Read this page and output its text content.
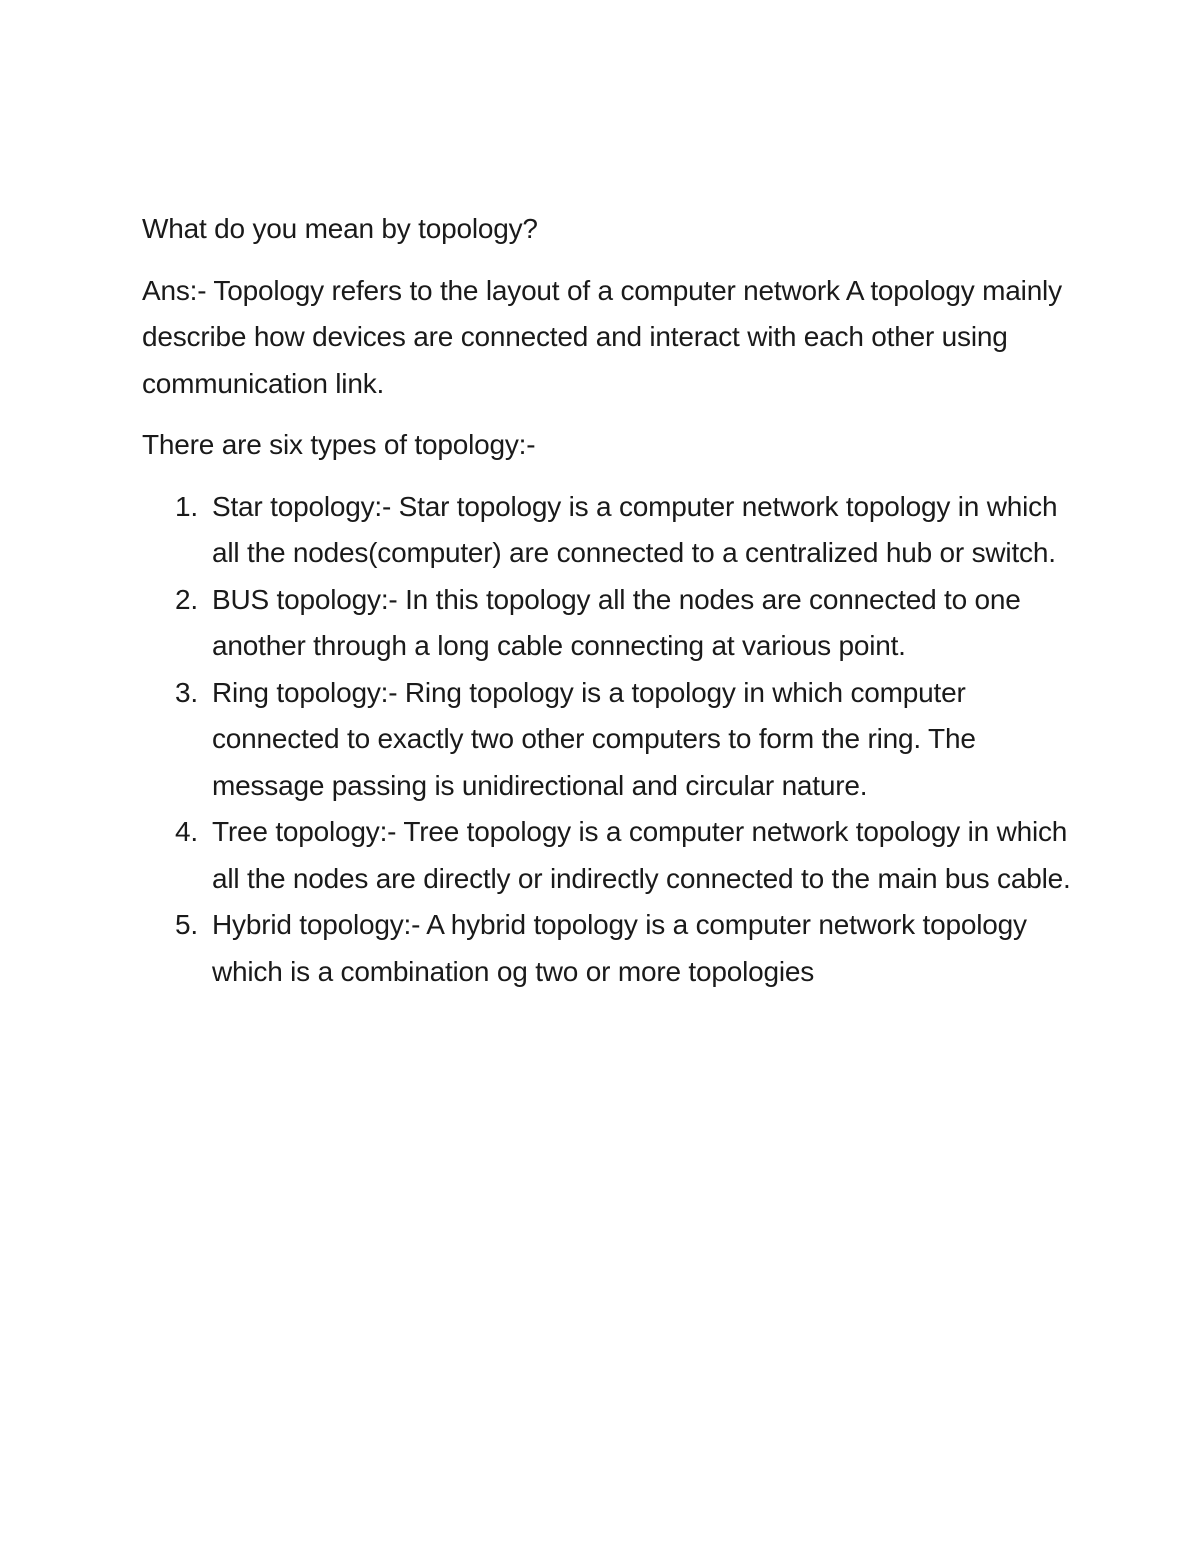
What do you mean by topology?

Ans:- Topology refers to the layout of a computer network A topology mainly describe how devices are connected and interact with each other using communication link.

There are six types of topology:-

1. Star topology:- Star topology is a computer network topology in which all the nodes(computer) are connected to a centralized hub or switch.
2. BUS topology:- In this topology all the nodes are connected to one another through a long cable connecting at various point.
3. Ring topology:- Ring topology is a topology in which computer connected to exactly two other computers to form the ring. The message passing is unidirectional and circular nature.
4. Tree topology:- Tree topology is a computer network topology in which all the nodes are directly or indirectly connected to the main bus cable.
5. Hybrid topology:- A hybrid topology is a computer network topology which is a combination og two or more topologies
